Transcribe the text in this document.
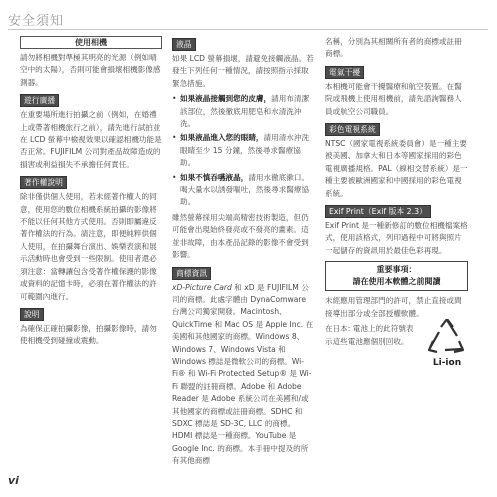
安全須知
使用相機

請勿將相機對準極其明亮的光源（例如晴空中的太陽），否則可能會損壞相機影像感測器。

遊行廣播

在重要場所進行拍攝之前（例如，在婚禮上或帶著相機旅行之前），請先進行試拍並在 LCD 螢幕中檢視效果以確認相機功能是否正常。FUJIFILM 公司對產品故障造成的損害或利益損失不承擔任何責任。

著作權說明

除非僅供個人使用，若未經著作權人的同意，使用您的數位相機系統拍攝的影像將不能以任何其他方式使用。否則即屬違反著作權法的行為。請注意，即便純粹供個人使用，在拍攝舞台演出、娛樂表演和展示活動時也會受到一些限制。使用者還必須注意：當轉讓包含受著作權保護的影像或資料的記憶卡時，必須在著作權法的許可範圍內進行。

說明

為確保正確拍攝影像，拍攝影像時，請勿使相機受到碰撞或震動。

液晶

如果 LCD 螢幕損壞，請避免接觸液晶。若發生下列任何一種情況，請按照指示採取緊急措施。

• 如果液晶接觸到您的皮膚，請用布清潔該部位，然後徹底用肥皂和水清洗沖洗。
• 如果液晶進入您的眼睛，請用清水沖洗眼睛至少 15 分鐘，然後尋求醫療協助。
• 如果不慎吞嚥液晶，請用水徹底漱口。喝大量水以誘發嘔吐，然後尋求醫療協助。

雖然螢幕採用尖端高精密技術製造，但仍可能會出現始終發亮或不發亮的畫素。這並非故障，由本產品記錄的影像不會受到影響。

商標資訊

xD-Picture Card 和 xD 是 FUJIFILM 公司的商標。此處字體由 DynaComware 台灣公司獨家開發。Macintosh、QuickTime 和 Mac OS 是 Apple Inc. 在美國和其他國家的商標。Windows 8、Windows 7、Windows Vista 和 Windows 標誌是微軟公司的商標。Wi-Fi® 和 Wi-Fi Protected Setup® 是 Wi-Fi 聯盟的註冊商標。Adobe 和 Adobe Reader 是 Adobe 系統公司在美國和/或其他國家的商標或註冊商標。SDHC 和 SDXC 標誌是 SD-3C, LLC 的商標。HDMI 標誌是一種商標。YouTube 是 Google Inc. 的商標。本手冊中提及的所有其他商標

名稱，分別為其相關所有者的商標或註冊商標。

電氣干擾

本相機可能會干擾醫療和航空裝置。在醫院或飛機上使用相機前，請先諮詢醫務人員或航空公司職員。

彩色電視系統

NTSC（國家電視系統委員會）是一種主要被美國、加拿大和日本等國家採用的彩色電視廣播規格。PAL（線相交替系統）是一種主要被歐洲國家和中國採用的彩色電視系統。

Exif Print（Exif 版本 2.3）

Exif Print 是一種新修訂的數位相機檔案格式，使用該格式，列印過程中可將與照片一起儲存的資訊用於最佳色彩再現。

重要事項：
請在使用本軟體之前閱讀

未經應用管理部門的許可，禁止直接或間接導出部分或全部授權軟體。

在日本: 電池上的此符號表示這些電池應個別回收。
Li-ion
vi
